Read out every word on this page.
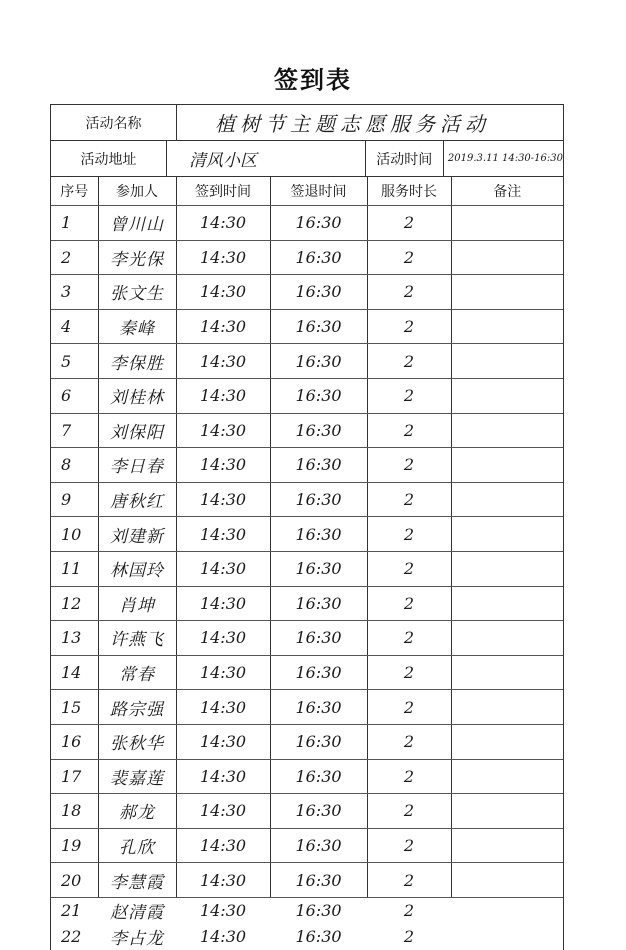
签到表
活动名称	植树节主题志愿服务活动
活动地址	清风小区	活动时间	2019.3.11 14:30-16:30
序号	参加人	签到时间	签退时间	服务时长	备注
1	曾川山	14:30	16:30	2	
2	李光保	14:30	16:30	2	
3	张文生	14:30	16:30	2	
4	秦峰	14:30	16:30	2	
5	李保胜	14:30	16:30	2	
6	刘桂林	14:30	16:30	2	
7	刘保阳	14:30	16:30	2	
8	李日春	14:30	16:30	2	
9	唐秋红	14:30	16:30	2	
10	刘建新	14:30	16:30	2	
11	林国玲	14:30	16:30	2	
12	肖坤	14:30	16:30	2	
13	许燕飞	14:30	16:30	2	
14	常春	14:30	16:30	2	
15	路宗强	14:30	16:30	2	
16	张秋华	14:30	16:30	2	
17	裴嘉莲	14:30	16:30	2	
18	郝龙	14:30	16:30	2	
19	孔欣	14:30	16:30	2	
20	李慧霞	14:30	16:30	2	
21	赵清霞	14:30	16:30	2	
22	李占龙	14:30	16:30	2	
